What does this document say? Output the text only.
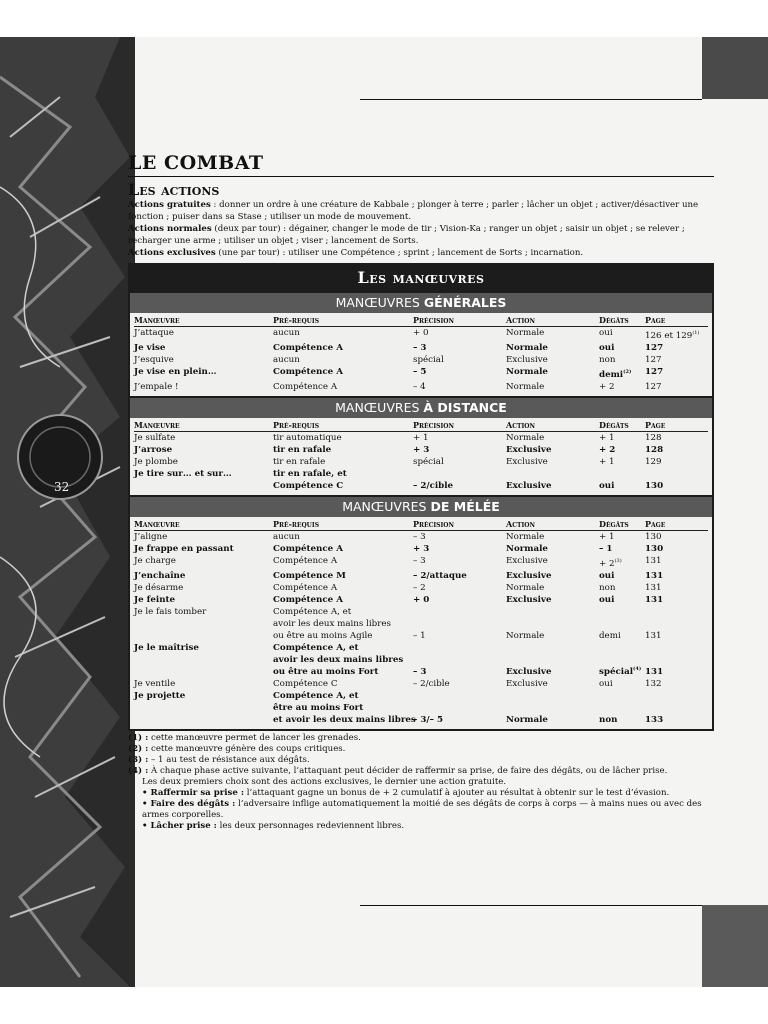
32
LE COMBAT
Les actions

Actions gratuites : donner un ordre à une créature de Kabbale ; plonger à terre ; parler ; lâcher un objet ; activer/désactiver une fonction ; puiser dans sa Stase ; utiliser un mode de mouvement.

Actions normales (deux par tour) : dégainer, changer le mode de tir ; Vision-Ka ; ranger un objet ; saisir un objet ; se relever ; recharger une arme ; utiliser un objet ; viser ; lancement de Sorts.

Actions exclusives (une par tour) : utiliser une Compétence ; sprint ; lancement de Sorts ; incarnation.

Les manœuvres
MANŒUVRES GÉNÉRALES
Manœuvre	Pré-requis	Précision	Action	Dégâts	Page
J’attaque	aucun	+ 0	Normale	oui	126 et 129$^{(1)}$
Je vise	Compétence A	– 3	Normale	oui	127
J’esquive	aucun	spécial	Exclusive	non	127
Je vise en plein…	Compétence A	– 5	Normale	demi$^{(2)}$	127
J’empale !	Compétence A	– 4	Normale	+ 2	127
MANŒUVRES À DISTANCE
Manœuvre	Pré-requis	Précision	Action	Dégâts	Page
Je sulfate	tir automatique	+ 1	Normale	+ 1	128
J’arrose	tir en rafale	+ 3	Exclusive	+ 2	128
Je plombe	tir en rafale	spécial	Exclusive	+ 1	129
Je tire sur… et sur…	tir en rafale, et
Compétence C	– 2/cible	Exclusive	oui	130
MANŒUVRES DE MÉLÉE
Manœuvre	Pré-requis	Précision	Action	Dégâts	Page
J’aligne	aucun	– 3	Normale	+ 1	130
Je frappe en passant	Compétence A	+ 3	Normale	– 1	130
Je charge	Compétence A	– 3	Exclusive	+ $2^{(3)}$	131
J’enchaîne	Compétence M	– 2/attaque	Exclusive	oui	131
Je désarme	Compétence A	– 2	Normale	non	131
Je feinte	Compétence A	+ 0	Exclusive	oui	131
Je le fais tomber	Compétence A, et
avoir les deux mains libres
ou être au moins Agile	– 1	Normale	demi	131
Je le maîtrise	Compétence A, et
avoir les deux mains libres
ou être au moins Fort	– 3	Exclusive	spécial$^{(4)}$	131
Je ventile	Compétence C	– 2/cible	Exclusive	oui	132
Je projette	Compétence A, et
être au moins Fort
et avoir les deux mains libres	– 3/– 5	Normale	non	133

(1) : cette manœuvre permet de lancer les grenades.

(2) : cette manœuvre génère des coups critiques.

(3) : – 1 au test de résistance aux dégâts.

(4) : À chaque phase active suivante, l’attaquant peut décider de raffermir sa prise, de faire des dégâts, ou de lâcher prise.

Les deux premiers choix sont des actions exclusives, le dernier une action gratuite.

• Raffermir sa prise : l’attaquant gagne un bonus de + 2 cumulatif à ajouter au résultat à obtenir sur le test d’évasion.

• Faire des dégâts : l’adversaire inflige automatiquement la moitié de ses dégâts de corps à corps — à mains nues ou avec des armes corporelles.

• Lâcher prise : les deux personnages redeviennent libres.
